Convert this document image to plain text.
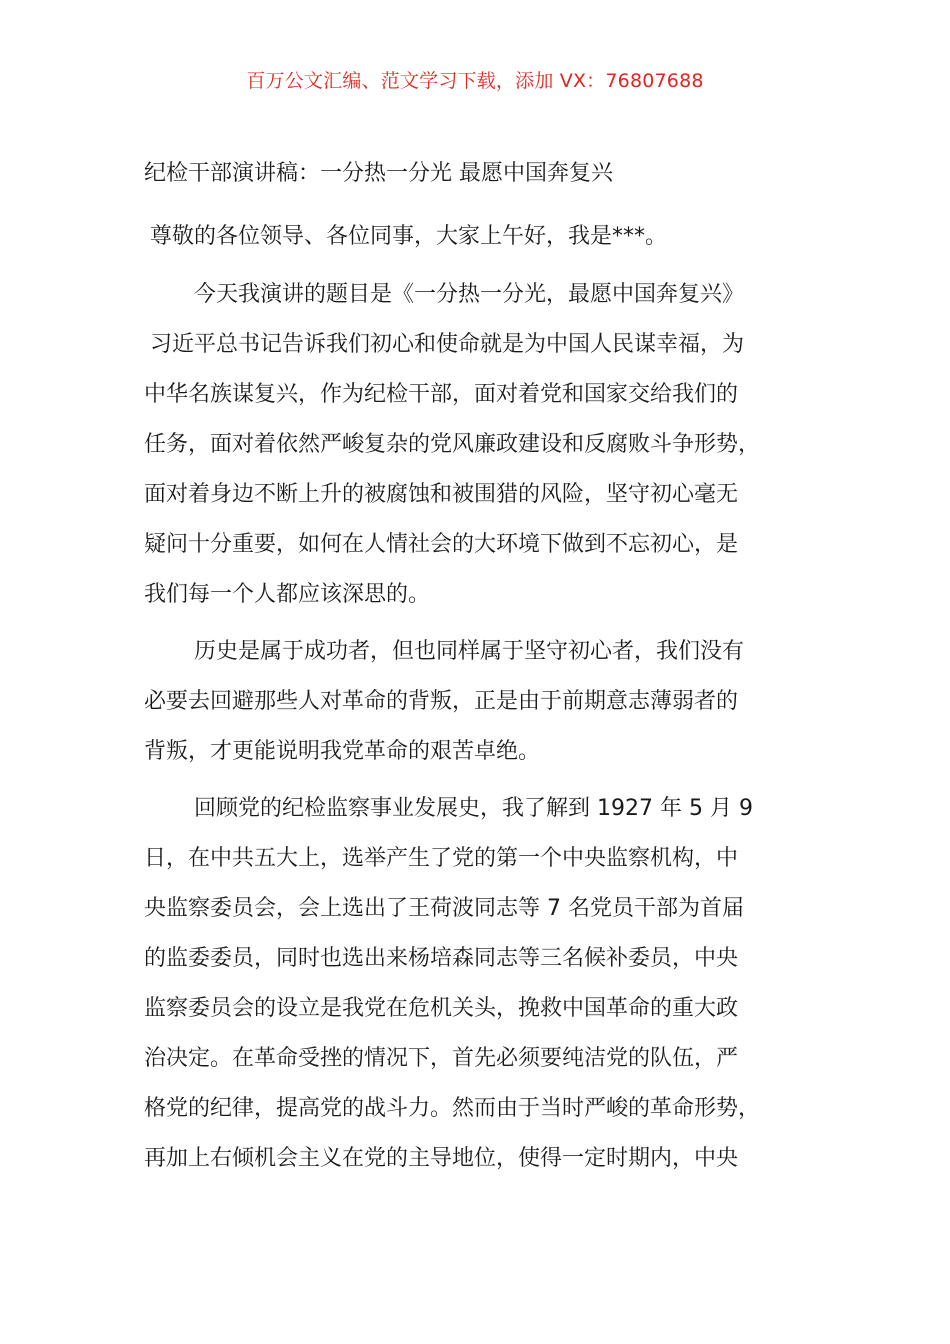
百万公文汇编、范文学习下载，添加 VX：76807688
纪检干部演讲稿：一分热一分光 最愿中国奔复兴
尊敬的各位领导、各位同事，大家上午好，我是***。
今天我演讲的题目是《一分热一分光，最愿中国奔复兴》
习近平总书记告诉我们初心和使命就是为中国人民谋幸福，为
中华名族谋复兴，作为纪检干部，面对着党和国家交给我们的
任务，面对着依然严峻复杂的党风廉政建设和反腐败斗争形势，
面对着身边不断上升的被腐蚀和被围猎的风险，坚守初心毫无
疑问十分重要，如何在人情社会的大环境下做到不忘初心，是
我们每一个人都应该深思的。
历史是属于成功者，但也同样属于坚守初心者，我们没有
必要去回避那些人对革命的背叛，正是由于前期意志薄弱者的
背叛，才更能说明我党革命的艰苦卓绝。
回顾党的纪检监察事业发展史，我了解到 1927 年 5 月 9
日，在中共五大上，选举产生了党的第一个中央监察机构，中
央监察委员会，会上选出了王荷波同志等 7 名党员干部为首届
的监委委员，同时也选出来杨培森同志等三名候补委员，中央
监察委员会的设立是我党在危机关头，挽救中国革命的重大政
治决定。在革命受挫的情况下，首先必须要纯洁党的队伍，严
格党的纪律，提高党的战斗力。然而由于当时严峻的革命形势，
再加上右倾机会主义在党的主导地位，使得一定时期内，中央
